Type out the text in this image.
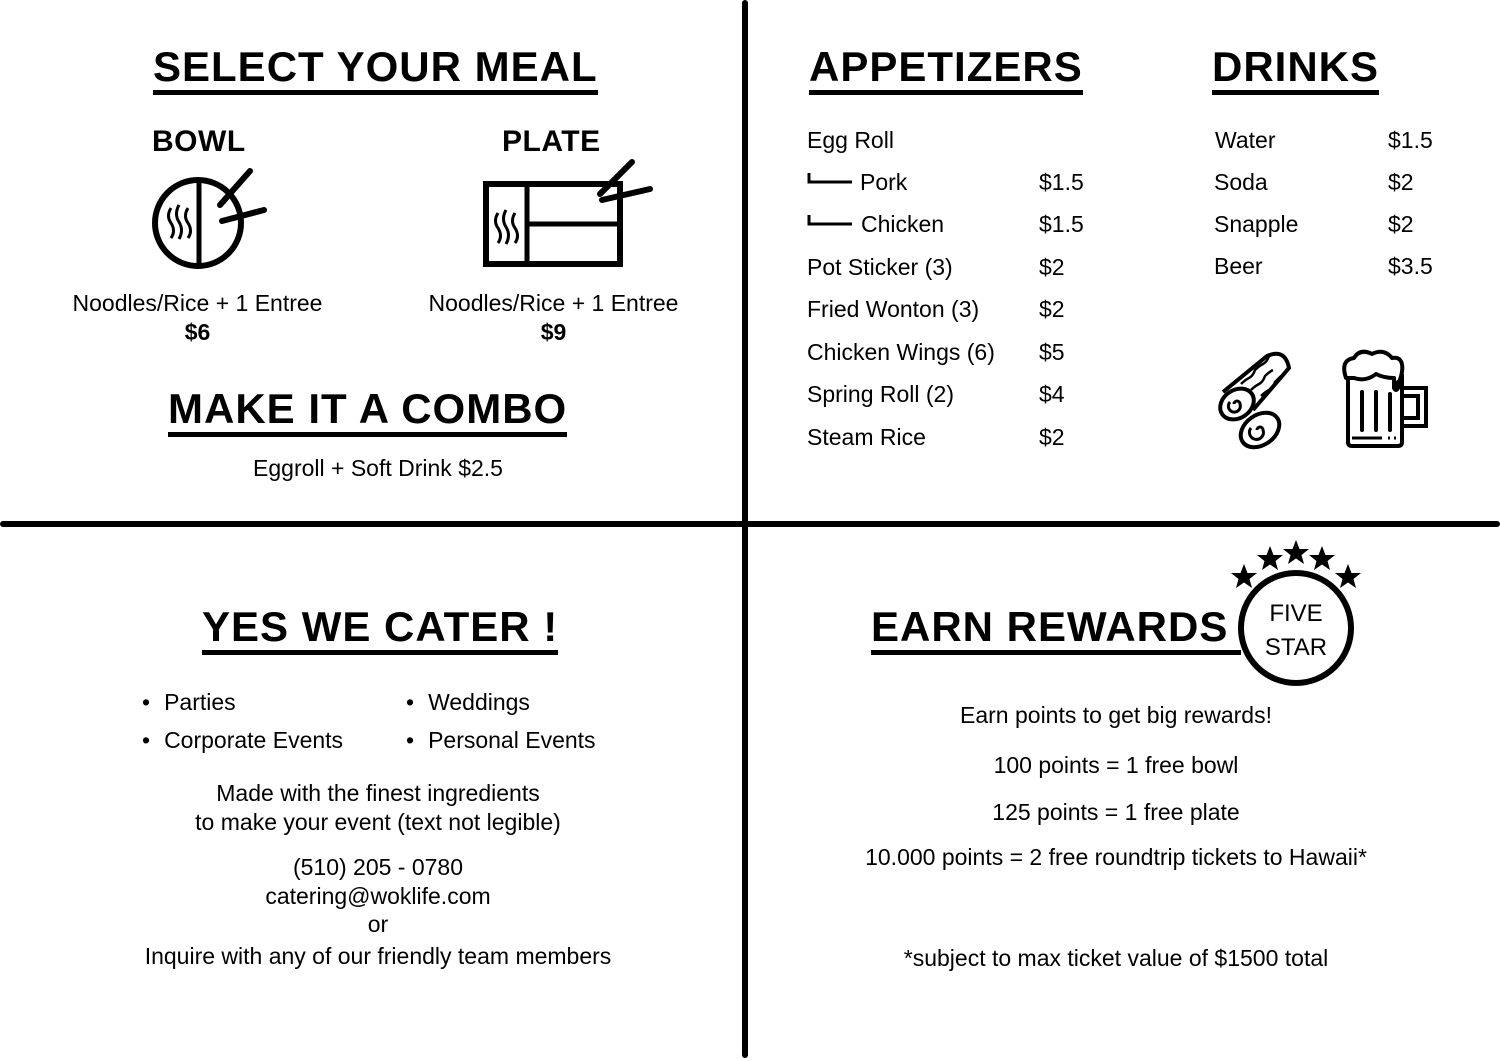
SELECT YOUR MEAL
BOWL	PLATE
Noodles/Rice + 1 Entree
$6
Noodles/Rice + 1 Entree
$9
MAKE IT A COMBO
Eggroll + Soft Drink $2.5
APPETIZERS
Egg Roll
Pork	$1.5
Chicken	$1.5
Pot Sticker (3)	$2
Fried Wonton (3)	$2
Chicken Wings (6) $5
Spring Roll (2)	$4
Steam Rice	$2
DRINKS
Water	$1.5
Soda	$2
Snapple	$2
Beer	$3.5
YES WE CATER !
• Parties	• Weddings
• Corporate Events	• Personal Events
Made with the finest ingredients
to make your event (text not legible)
(510) 205 - 0780
catering@woklife.com
or
Inquire with any of our friendly team members
EARN REWARDS	FIVE
STAR
Earn points to get big rewards!
100 points = 1 free bowl
125 points = 1 free plate
10.000 points = 2 free roundtrip tickets to Hawaii*
*subject to max ticket value of $1500 total
